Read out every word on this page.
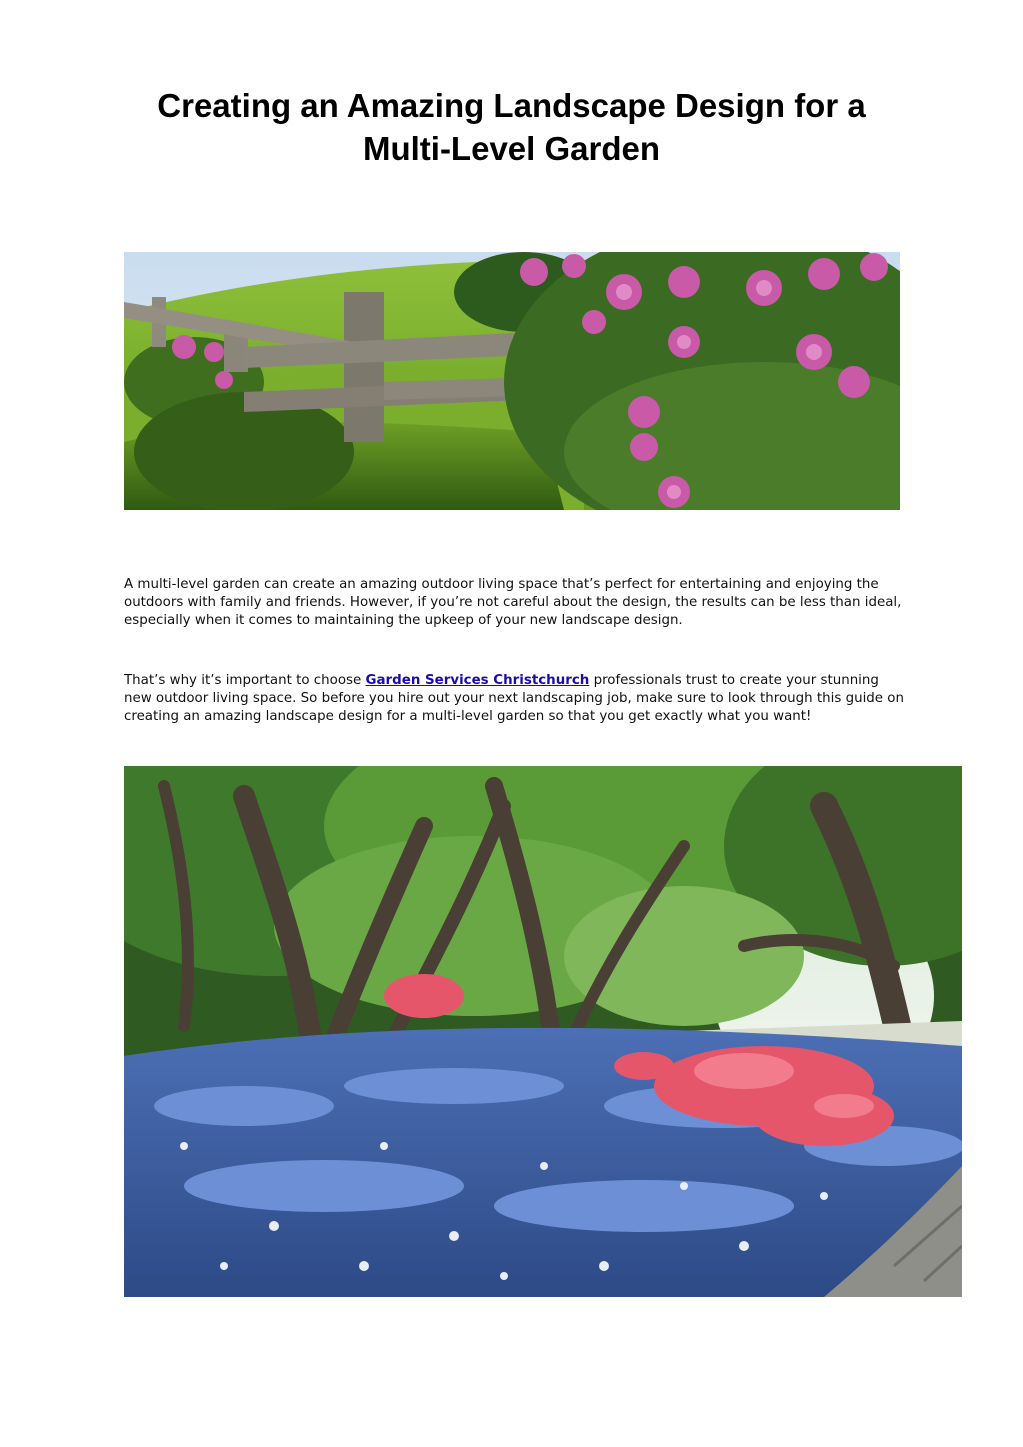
Creating an Amazing Landscape Design for a
Multi-Level Garden

A multi-level garden can create an amazing outdoor living space that’s perfect for entertaining and enjoying the outdoors with family and friends. However, if you’re not careful about the design, the results can be less than ideal, especially when it comes to maintaining the upkeep of your new landscape design.

That’s why it’s important to choose Garden Services Christchurch professionals trust to create your stunning new outdoor living space. So before you hire out your next landscaping job, make sure to look through this guide on creating an amazing landscape design for a multi-level garden so that you get exactly what you want!
